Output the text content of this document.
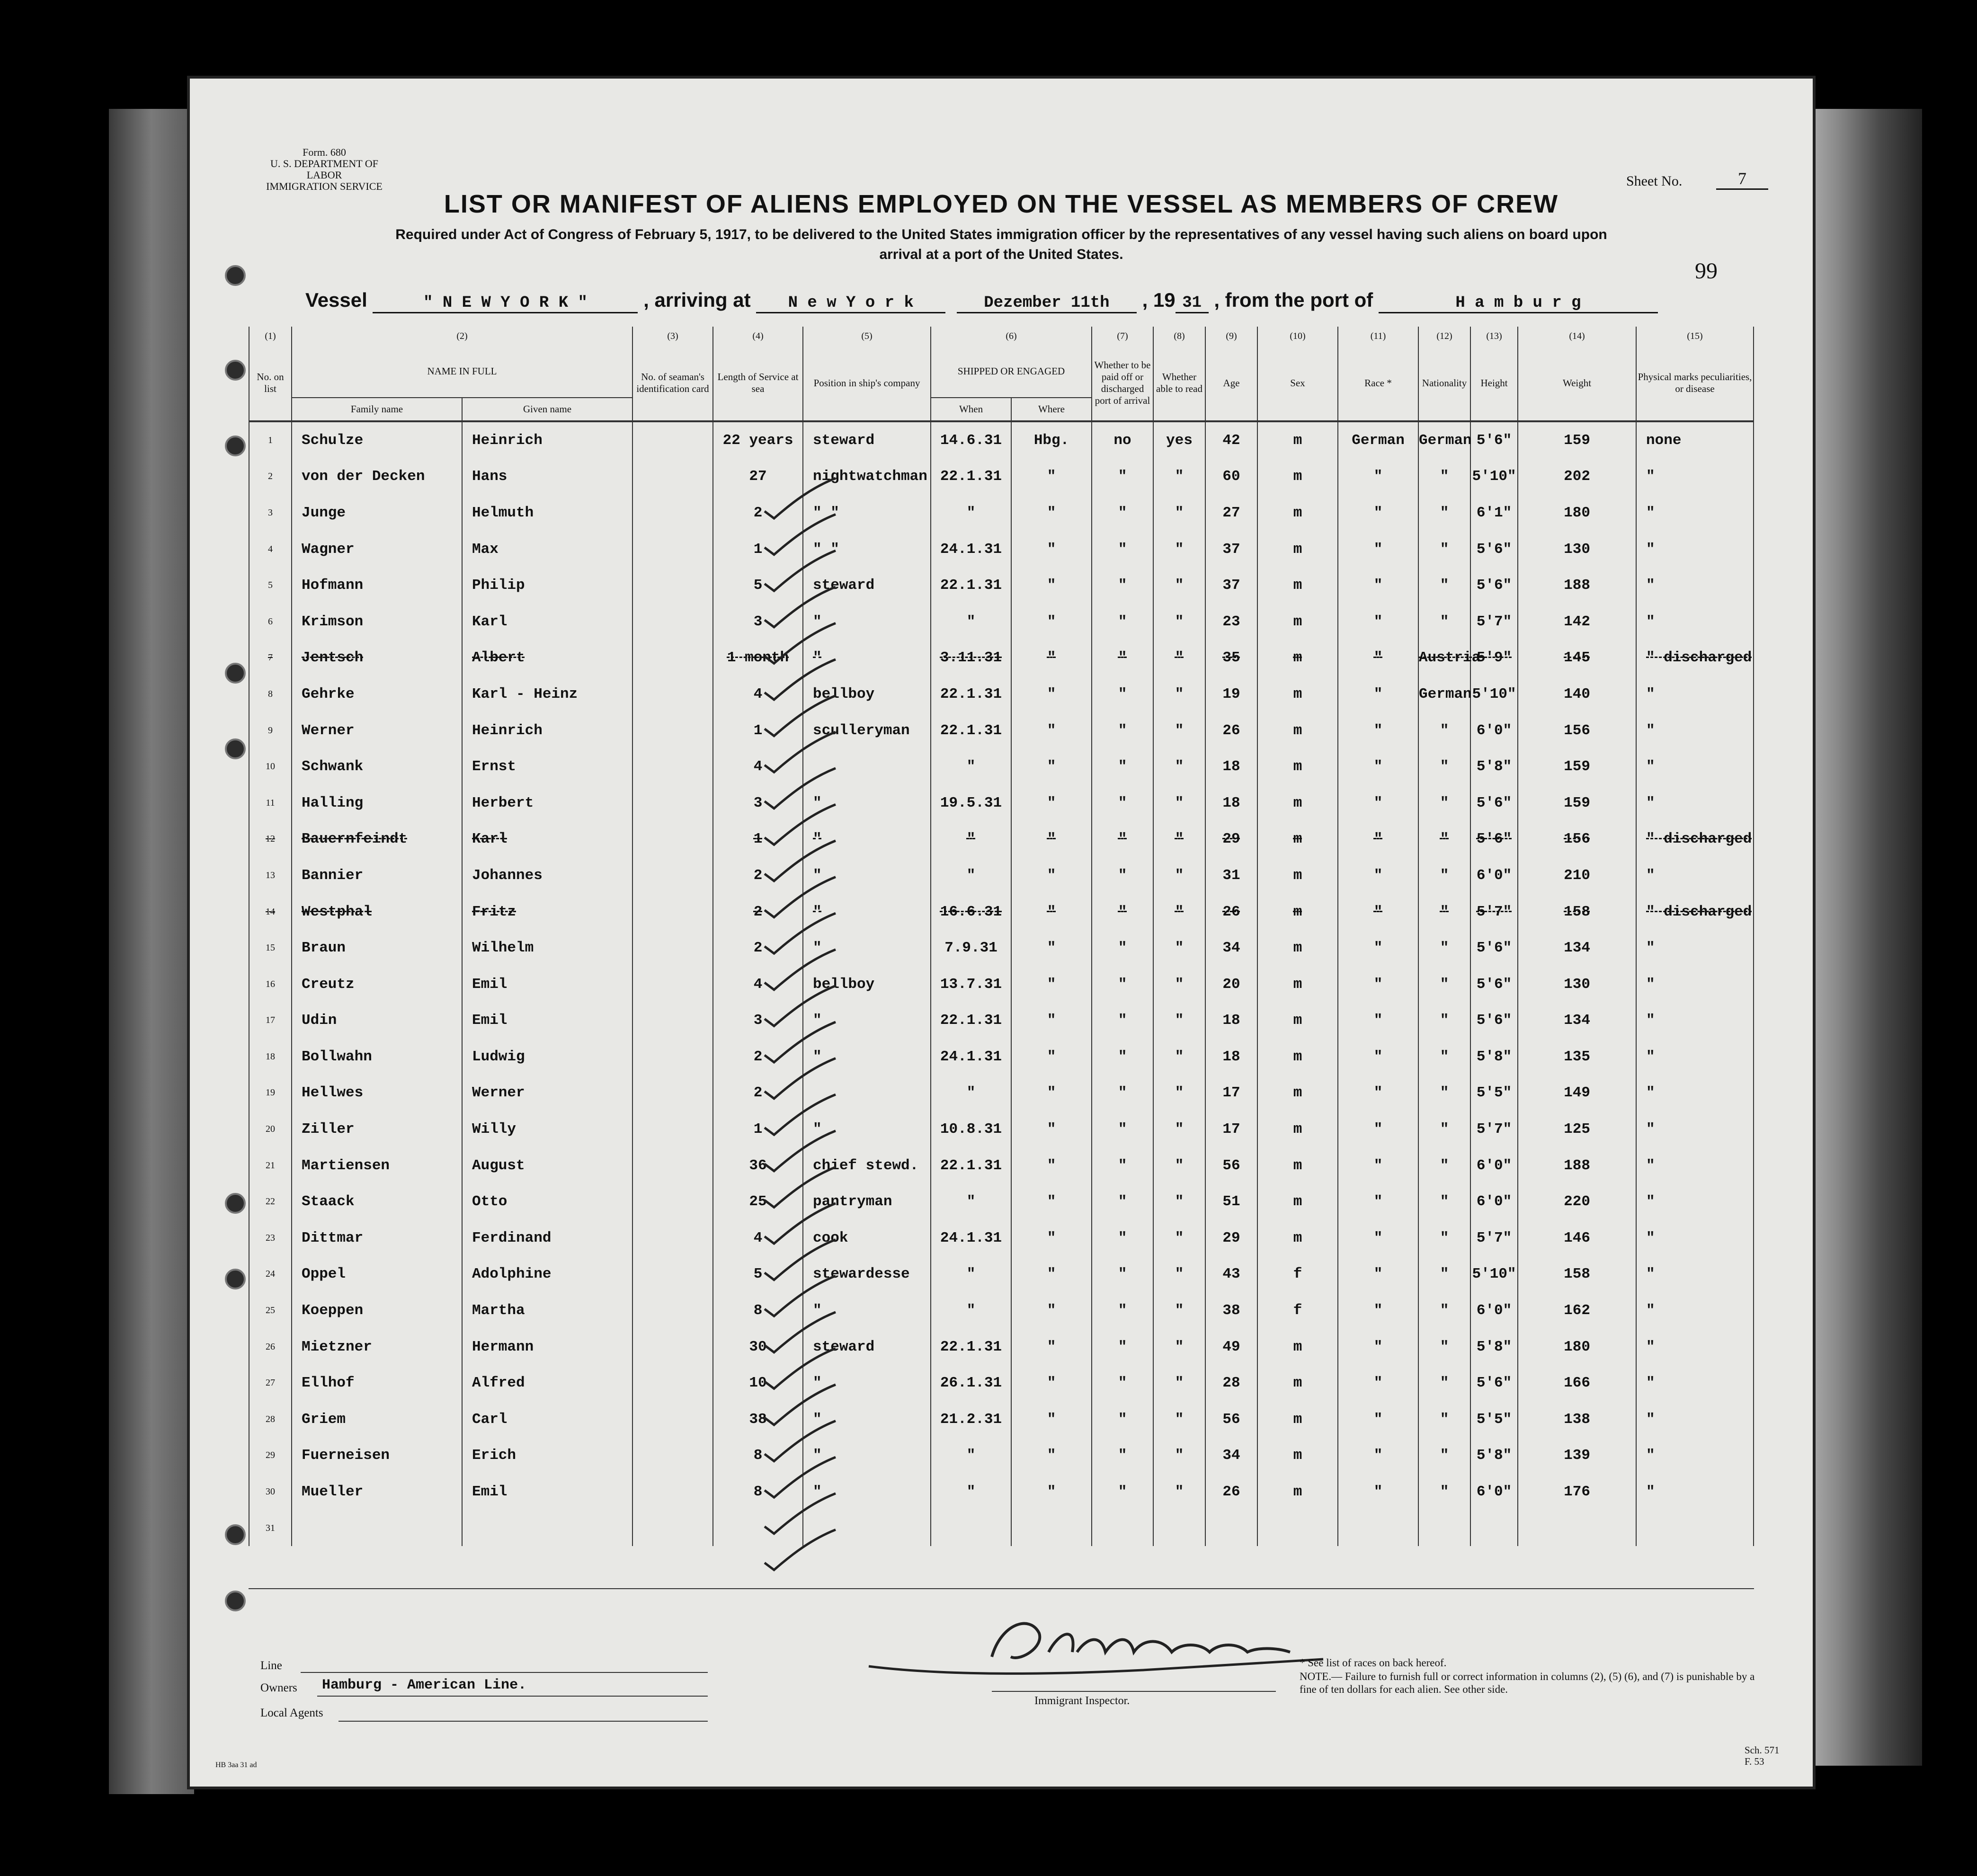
Form. 680
U. S. DEPARTMENT OF LABOR
IMMIGRATION SERVICE	Sheet No.	7
LIST OR MANIFEST OF ALIENS EMPLOYED ON THE VESSEL AS MEMBERS OF CREW
Required under Act of Congress of February 5, 1917, to be delivered to the United States immigration officer by the representatives of any vessel having such aliens on board upon arrival at a port of the United States.
99
Vessel	" N E W Y O R K "	, arriving at N e w Y o r k	Dezember 11th , 19 31 , from the port of	H a m b u r g
(1)	(2)		(3)	(4)	(5)	(6)		(7)	(8)	(9)	(10)	(11)	(12)	(13)	(14)	(15)
No. on list	NAME IN FULL		No. of seaman's identification card	Length of Service at sea	Position in ship's company	SHIPPED OR ENGAGED		Whether to be paid off or discharged port of arrival	Whether able to read	Age	Sex	Race *	Nationality	Height	Weight	Physical marks peculiarities, or disease
	Family name	Given name				When	Where									
1	Schulze	Heinrich		22 years	steward	14.6.31	Hbg.	no	yes	42	m	German	German	5'6"	159	none
2	von der Decken	Hans		27	nightwatchman	22.1.31	"	"	"	60	m	"	"	5'10"	202	"
3	Junge	Helmuth		2	" "	"	"	"	"	27	m	"	"	6'1"	180	"
4	Wagner	Max		1	" "	24.1.31	"	"	"	37	m	"	"	5'6"	130	"
5	Hofmann	Philip		5	steward	22.1.31	"	"	"	37	m	"	"	5'6"	188	"
6	Krimson	Karl		3	"	"	"	"	"	23	m	"	"	5'7"	142	"
7	Jentsch	Albert		1 month	"	3.11.31	"	"	"	35	m	"	Austria	5'9"	145	" discharged
8	Gehrke	Karl - Heinz		4	bellboy	22.1.31	"	"	"	19	m	"	German	5'10"	140	"
9	Werner	Heinrich		1	sculleryman	22.1.31	"	"	"	26	m	"	"	6'0"	156	"
10	Schwank	Ernst		4		"	"	"	"	18	m	"	"	5'8"	159	"
11	Halling	Herbert		3	"	19.5.31	"	"	"	18	m	"	"	5'6"	159	"
12	Bauernfeindt	Karl		1	"	"	"	"	"	29	m	"	"	5'6"	156	" discharged
13	Bannier	Johannes		2	"	"	"	"	"	31	m	"	"	6'0"	210	"
14	Westphal	Fritz		2	"	16.6.31	"	"	"	26	m	"	"	5'7"	158	" discharged
15	Braun	Wilhelm		2	"	7.9.31	"	"	"	34	m	"	"	5'6"	134	"
16	Creutz	Emil		4	bellboy	13.7.31	"	"	"	20	m	"	"	5'6"	130	"
17	Udin	Emil		3	"	22.1.31	"	"	"	18	m	"	"	5'6"	134	"
18	Bollwahn	Ludwig		2	"	24.1.31	"	"	"	18	m	"	"	5'8"	135	"
19	Hellwes	Werner		2		"	"	"	"	17	m	"	"	5'5"	149	"
20	Ziller	Willy		1	"	10.8.31	"	"	"	17	m	"	"	5'7"	125	"
21	Martiensen	August		36	chief stewd.	22.1.31	"	"	"	56	m	"	"	6'0"	188	"
22	Staack	Otto		25	pantryman	"	"	"	"	51	m	"	"	6'0"	220	"
23	Dittmar	Ferdinand		4	cook	24.1.31	"	"	"	29	m	"	"	5'7"	146	"
24	Oppel	Adolphine		5	stewardesse	"	"	"	"	43	f	"	"	5'10"	158	"
25	Koeppen	Martha		8	"	"	"	"	"	38	f	"	"	6'0"	162	"
26	Mietzner	Hermann		30	steward	22.1.31	"	"	"	49	m	"	"	5'8"	180	"
27	Ellhof	Alfred		10	"	26.1.31	"	"	"	28	m	"	"	5'6"	166	"
28	Griem	Carl		38	"	21.2.31	"	"	"	56	m	"	"	5'5"	138	"
29	Fuerneisen	Erich		8	"	"	"	"	"	34	m	"	"	5'8"	139	"
30	Mueller	Emil		8	"	"	"	"	"	26	m	"	"	6'0"	176	"
31																
Immigrant Inspector.
Line
Owners Hamburg - American Line.
Local Agents
* See list of races on back hereof.
NOTE.— Failure to furnish full or correct information in columns (2), (5) (6), and (7) is punishable by a fine of ten dollars for each alien. See other side.
Sch. 571
F. 53
HB 3aa 31 ad
